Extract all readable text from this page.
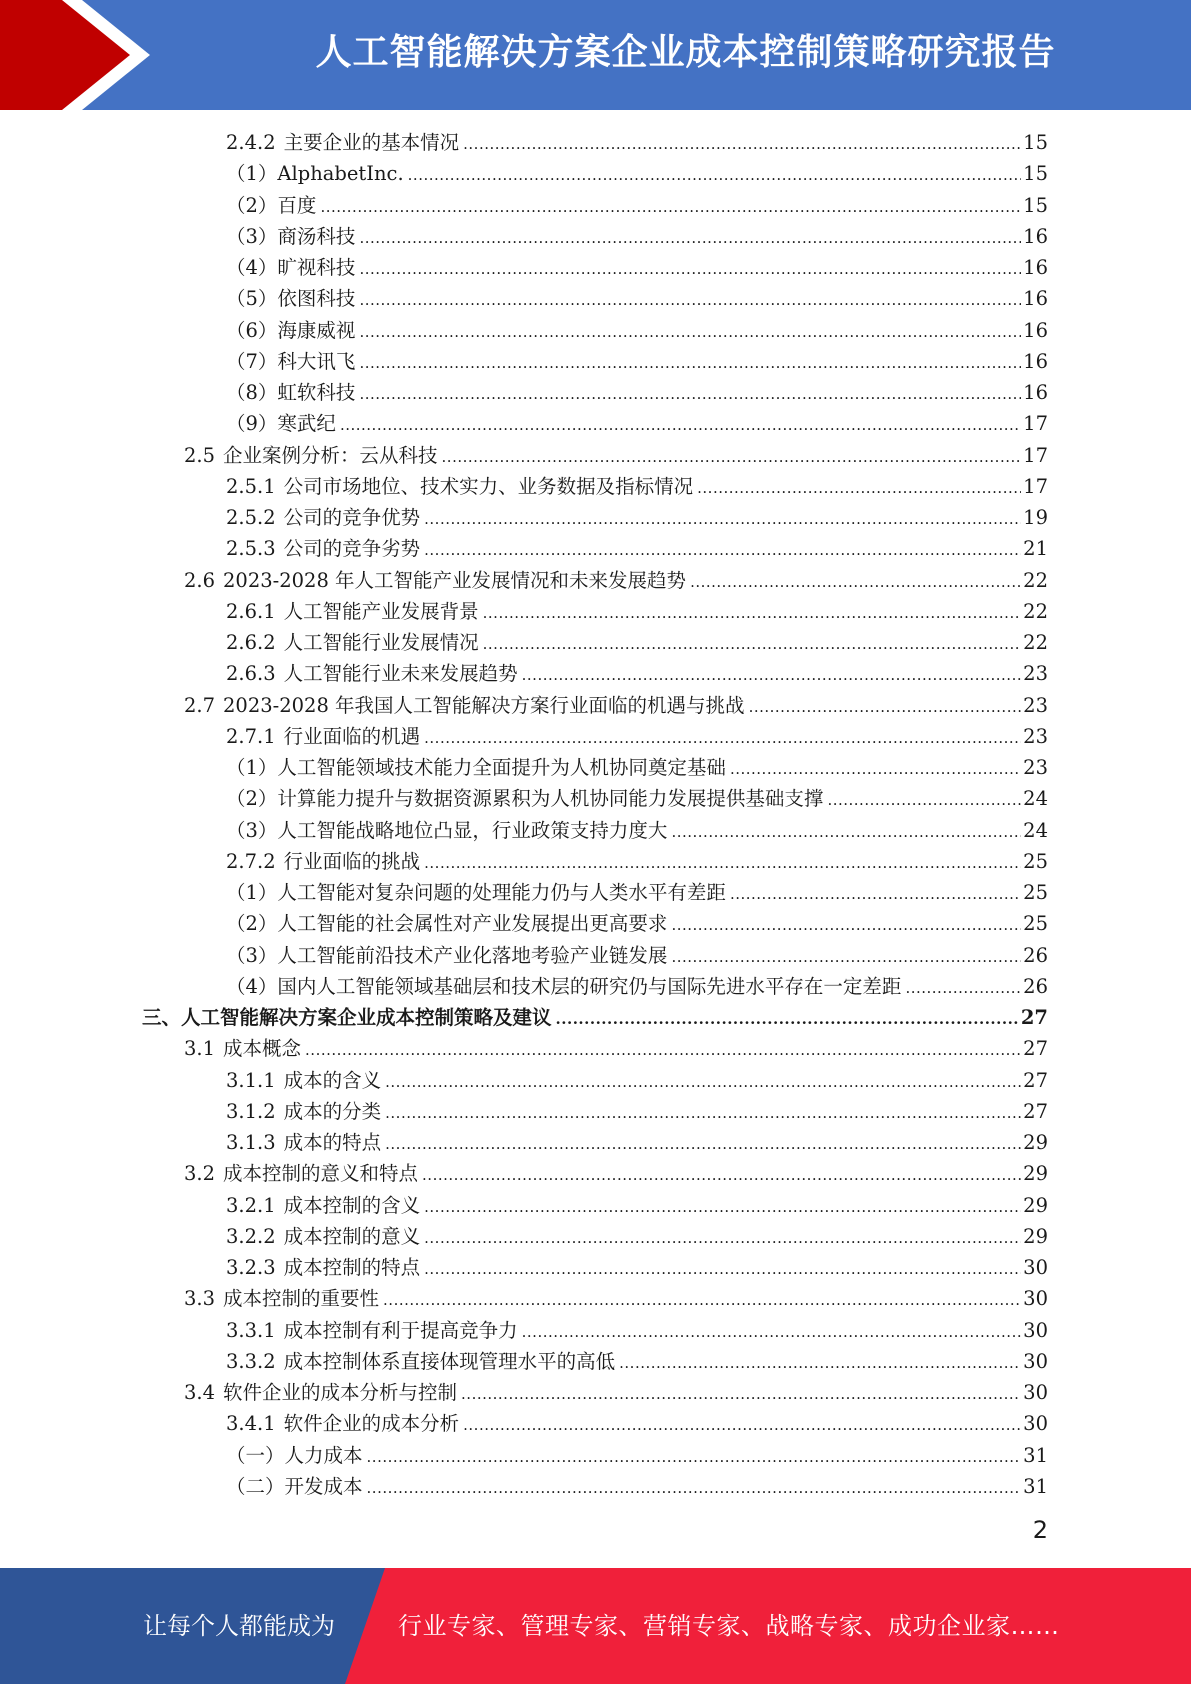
人工智能解决方案企业成本控制策略研究报告
2.4.2 主要企业的基本情况 .....	15
（1） AlphabetInc. .....	15
（2） 百度 .....	15
（3） 商汤科技 .....	16
（4） 旷视科技 .....	16
（5） 依图科技 .....	16
（6） 海康威视 .....	16
（7） 科大讯飞 .....	16
（8） 虹软科技 .....	16
（9） 寒武纪 .....	17
2.5 企业案例分析：云从科技 .....	17
2.5.1 公司市场地位、技术实力、业务数据及指标情况 .....	17
2.5.2 公司的竞争优势 .....	19
2.5.3 公司的竞争劣势 .....	21
2.6 2023-2028 年人工智能产业发展情况和未来发展趋势 .....	22
2.6.1 人工智能产业发展背景 .....	22
2.6.2 人工智能行业发展情况 .....	22
2.6.3 人工智能行业未来发展趋势 .....	23
2.7 2023-2028 年我国人工智能解决方案行业面临的机遇与挑战 .....	23
2.7.1 行业面临的机遇 .....	23
（1） 人工智能领域技术能力全面提升为人机协同奠定基础 .....	23
（2） 计算能力提升与数据资源累积为人机协同能力发展提供基础支撑 .....	24
（3） 人工智能战略地位凸显，行业政策支持力度大 .....	24
2.7.2 行业面临的挑战 .....	25
（1） 人工智能对复杂问题的处理能力仍与人类水平有差距 .....	25
（2） 人工智能的社会属性对产业发展提出更高要求 .....	25
（3） 人工智能前沿技术产业化落地考验产业链发展 .....	26
（4） 国内人工智能领域基础层和技术层的研究仍与国际先进水平存在一定差距 .....	26
三、 人工智能解决方案企业成本控制策略及建议 .....	27
3.1 成本概念 .....	27
3.1.1 成本的含义 .....	27
3.1.2 成本的分类 .....	27
3.1.3 成本的特点 .....	29
3.2 成本控制的意义和特点 .....	29
3.2.1 成本控制的含义 .....	29
3.2.2 成本控制的意义 .....	29
3.2.3 成本控制的特点 .....	30
3.3 成本控制的重要性 .....	30
3.3.1 成本控制有利于提高竞争力 .....	30
3.3.2 成本控制体系直接体现管理水平的高低 .....	30
3.4 软件企业的成本分析与控制 .....	30
3.4.1 软件企业的成本分析 .....	30
（一） 人力成本 .....	31
（二） 开发成本 .....	31
2
让每个人都能成为	行业专家、管理专家、营销专家、战略专家、成功企业家……
